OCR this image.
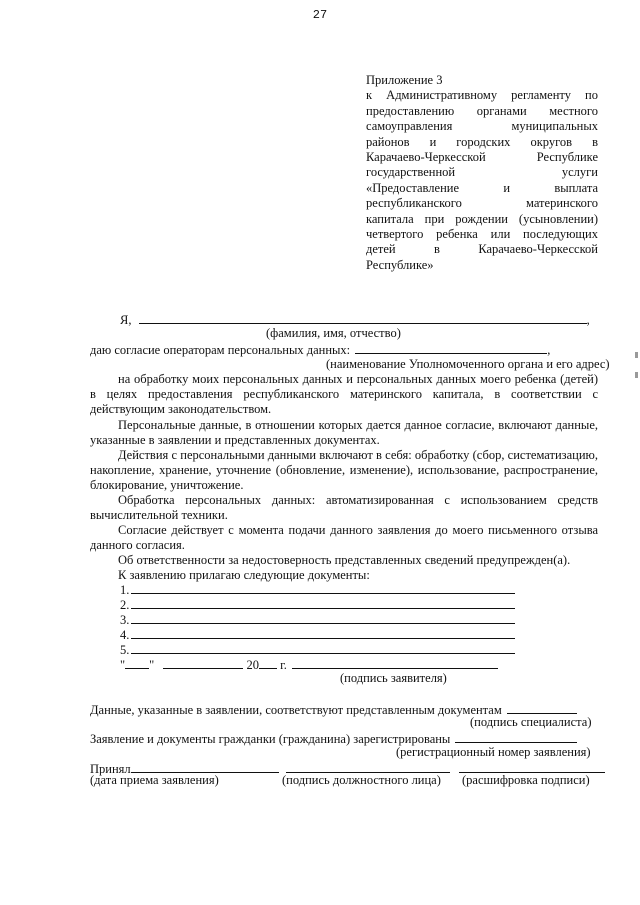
27
Приложение 3
к Административному регламенту по
предоставлению органами местного
самоуправления муниципальных
районов и городских округов в
Карачаево-Черкесской Республике
государственной услуги
«Предоставление и выплата
республиканского материнского
капитала при рождении (усыновлении)
четвертого ребенка или последующих
детей в Карачаево-Черкесской
Республике»
Я,	,
(фамилия, имя, отчество)
даю согласие операторам персональных данных:	,
(наименование Уполномоченного органа и его адрес)

на обработку моих персональных данных и персональных данных моего ребенка (детей) в целях предоставления республиканского материнского капитала, в соответствии с действующим законодательством.

Персональные данные, в отношении которых дается данное согласие, включают данные, указанные в заявлении и представленных документах.

Действия с персональными данными включают в себя: обработку (сбор, систематизацию, накопление, хранение, уточнение (обновление, изменение), использование, распространение, блокирование, уничтожение.

Обработка персональных данных: автоматизированная с использованием средств вычислительной техники.

Согласие действует с момента подачи данного заявления до моего письменного отзыва данного согласия.

Об ответственности за недостоверность представленных сведений предупрежден(а).
К заявлению прилагаю следующие документы:
1.
2.
3.
4.
5.
" "	20 г.
(подпись заявителя)
Данные, указанные в заявлении, соответствуют представленным документам
(подпись специалиста)
Заявление и документы гражданки (гражданина) зарегистрированы
(регистрационный номер заявления)
Принял
(дата приема заявления)	(подпись должностного лица) (расшифровка подписи)
